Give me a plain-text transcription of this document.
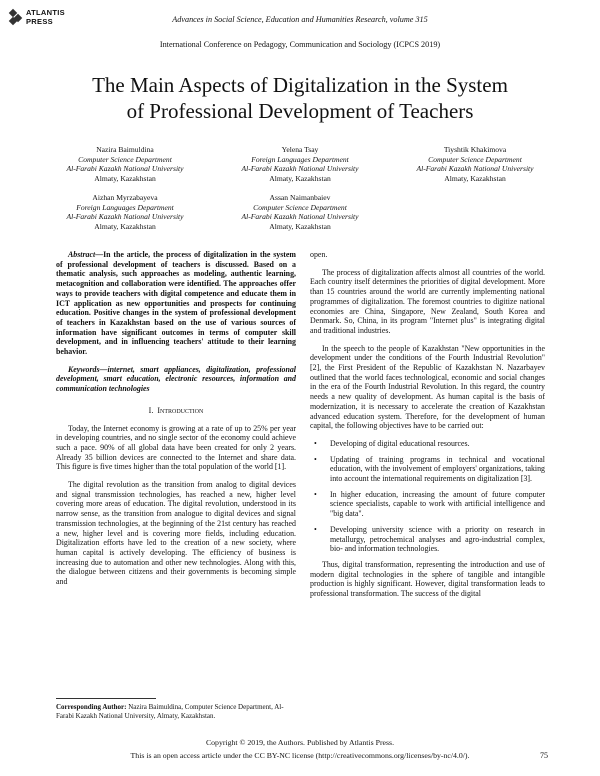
ATLANTIS
PRESS	Advances in Social Science, Education and Humanities Research, volume 315
International Conference on Pedagogy, Communication and Sociology (ICPCS 2019)
The Main Aspects of Digitalization in the System
of Professional Development of Teachers
Nazira Baimuldina
Computer Science Department
Al-Farabi Kazakh National University
Almaty, Kazakhstan
Yelena Tsay
Foreign Languages Department
Al-Farabi Kazakh National University
Almaty, Kazakhstan
Tiyshtik Khakimova
Computer Science Department
Al-Farabi Kazakh National University
Almaty, Kazakhstan
Aizhan Myrzabayeva
Foreign Languages Department
Al-Farabi Kazakh National University
Almaty, Kazakhstan
Assan Naimanbaiev
Computer Science Department
Al-Farabi Kazakh National University
Almaty, Kazakhstan

Abstract—In the article, the process of digitalization in the system of professional development of teachers is discussed. Based on a thematic analysis, such approaches as modeling, authentic learning, metacognition and collaboration were identified. The approaches offer ways to provide teachers with digital competence and educate them in ICT application as new opportunities and prospects for continuing education. Positive changes in the system of professional development of teachers in Kazakhstan based on the use of various sources of information have significant outcomes in terms of computer skill development, and in influencing teachers' attitude to their learning behavior.

Keywords—internet, smart appliances, digitalization, professional development, smart education, electronic resources, information and communication technologies

I. Introduction

Today, the Internet economy is growing at a rate of up to 25% per year in developing countries, and no single sector of the economy could achieve such a pace. 90% of all global data have been created for only 2 years. Already 35 billion devices are connected to the Internet and share data. This figure is five times higher than the total population of the world [1].

The digital revolution as the transition from analog to digital devices and signal transmission technologies, has reached a new, higher level covering more areas of education. The digital revolution, understood in its narrow sense, as the transition from analogue to digital devices and signal transmission technologies, at the beginning of the 21st century has reached a new, higher level and is covering more fields, including education. Digitalization efforts have led to the creation of a new society, where human capital is actively developing. The efficiency of business is increasing due to automation and other new technologies. Along with this, the dialogue between citizens and their governments is becoming simple and

open.

The process of digitalization affects almost all countries of the world. Each country itself determines the priorities of digital development. More than 15 countries around the world are currently implementing national programmes of digitalization. The foremost countries to digitize national economies are China, Singapore, New Zealand, South Korea and Denmark. So, China, in its program "Internet plus" is integrating digital and traditional industries.

In the speech to the people of Kazakhstan "New opportunities in the development under the conditions of the Fourth Industrial Revolution" [2], the First President of the Republic of Kazakhstan N. Nazarbayev outlined that the world faces technological, economic and social changes in the era of the Fourth Industrial Revolution. In this regard, the country needs a new quality of development. As human capital is the basis of modernization, it is necessary to accelerate the creation of Kazakhstan advanced education system. Therefore, for the development of human capital, the following objectives have to be carried out:

• Developing of digital educational resources.
• Updating of training programs in technical and vocational education, with the involvement of employers' organizations, taking into account the international requirements on digitalization [3].
• In higher education, increasing the amount of future computer science specialists, capable to work with artificial intelligence and "big data".
• Developing university science with a priority on research in metallurgy, petrochemical analyses and agro-industrial complex, bio- and information technologies.

Thus, digital transformation, representing the introduction and use of modern digital technologies in the sphere of tangible and intangible production is highly significant. However, digital transformation leads to professional transformation. The success of the digital

Corresponding Author: Nazira Baimuldina, Computer Science Department, Al-Farabi Kazakh National University, Almaty, Kazakhstan.
Copyright © 2019, the Authors. Published by Atlantis Press.
This is an open access article under the CC BY-NC license (http://creativecommons.org/licenses/by-nc/4.0/).	75
